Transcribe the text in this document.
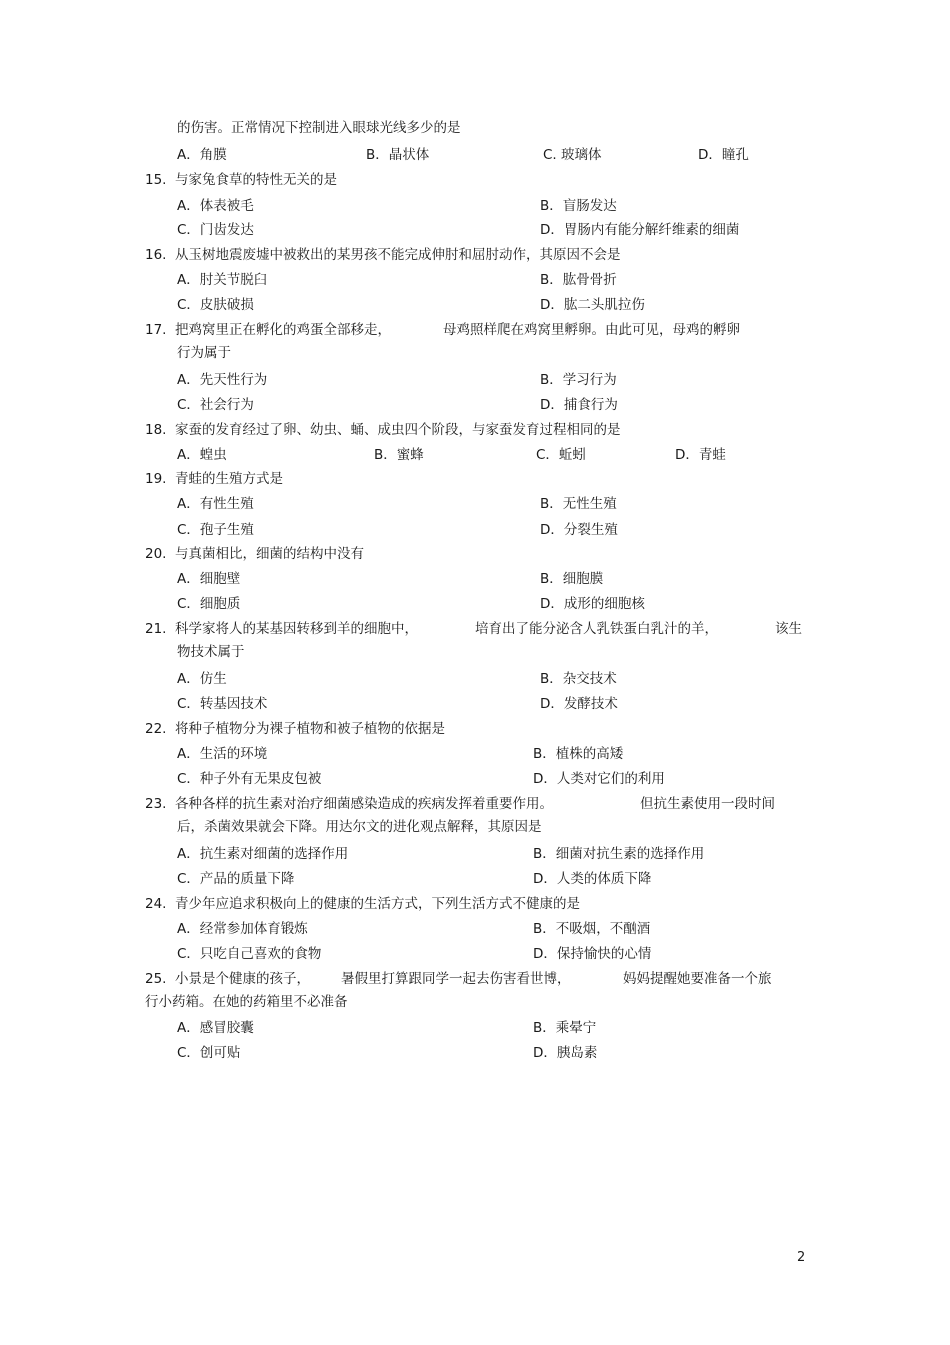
的伤害。正常情况下控制进入眼球光线多少的是
A．角膜	B．晶状体	C. 玻璃体	D．瞳孔
15. 与家兔食草的特性无关的是
A．体表被毛	B．盲肠发达
C．门齿发达	D．胃肠内有能分解纤维素的细菌
16. 从玉树地震废墟中被救出的某男孩不能完成伸肘和屈肘动作，其原因不会是
A．肘关节脱臼	B．肱骨骨折
C．皮肤破损	D．肱二头肌拉伤
17. 把鸡窝里正在孵化的鸡蛋全部移走，	母鸡照样爬在鸡窝里孵卵。由此可见，母鸡的孵卵
行为属于
A．先天性行为	B．学习行为
C．社会行为	D．捕食行为
18. 家蚕的发育经过了卵、幼虫、蛹、成虫四个阶段，与家蚕发育过程相同的是
A．蝗虫	B．蜜蜂	C．蚯蚓	D．青蛙
19. 青蛙的生殖方式是
A．有性生殖	B．无性生殖
C．孢子生殖	D．分裂生殖
20. 与真菌相比，细菌的结构中没有
A．细胞壁	B．细胞膜
C．细胞质	D．成形的细胞核
21. 科学家将人的某基因转移到羊的细胞中，	培育出了能分泌含人乳铁蛋白乳汁的羊，	该生
物技术属于
A．仿生	B．杂交技术
C．转基因技术	D．发酵技术
22. 将种子植物分为裸子植物和被子植物的依据是
A．生活的环境	B．植株的高矮
C．种子外有无果皮包被	D．人类对它们的利用
23. 各种各样的抗生素对治疗细菌感染造成的疾病发挥着重要作用。	但抗生素使用一段时间
后，杀菌效果就会下降。用达尔文的进化观点解释，其原因是
A．抗生素对细菌的选择作用	B．细菌对抗生素的选择作用
C．产品的质量下降	D．人类的体质下降
24. 青少年应追求积极向上的健康的生活方式，下列生活方式不健康的是
A．经常参加体育锻炼	B．不吸烟，不酗酒
C．只吃自己喜欢的食物	D．保持愉快的心情
25. 小景是个健康的孩子， 暑假里打算跟同学一起去伤害看世博，	妈妈提醒她要准备一个旅
行小药箱。在她的药箱里不必准备
A．感冒胶囊	B．乘晕宁
C．创可贴	D．胰岛素
2
